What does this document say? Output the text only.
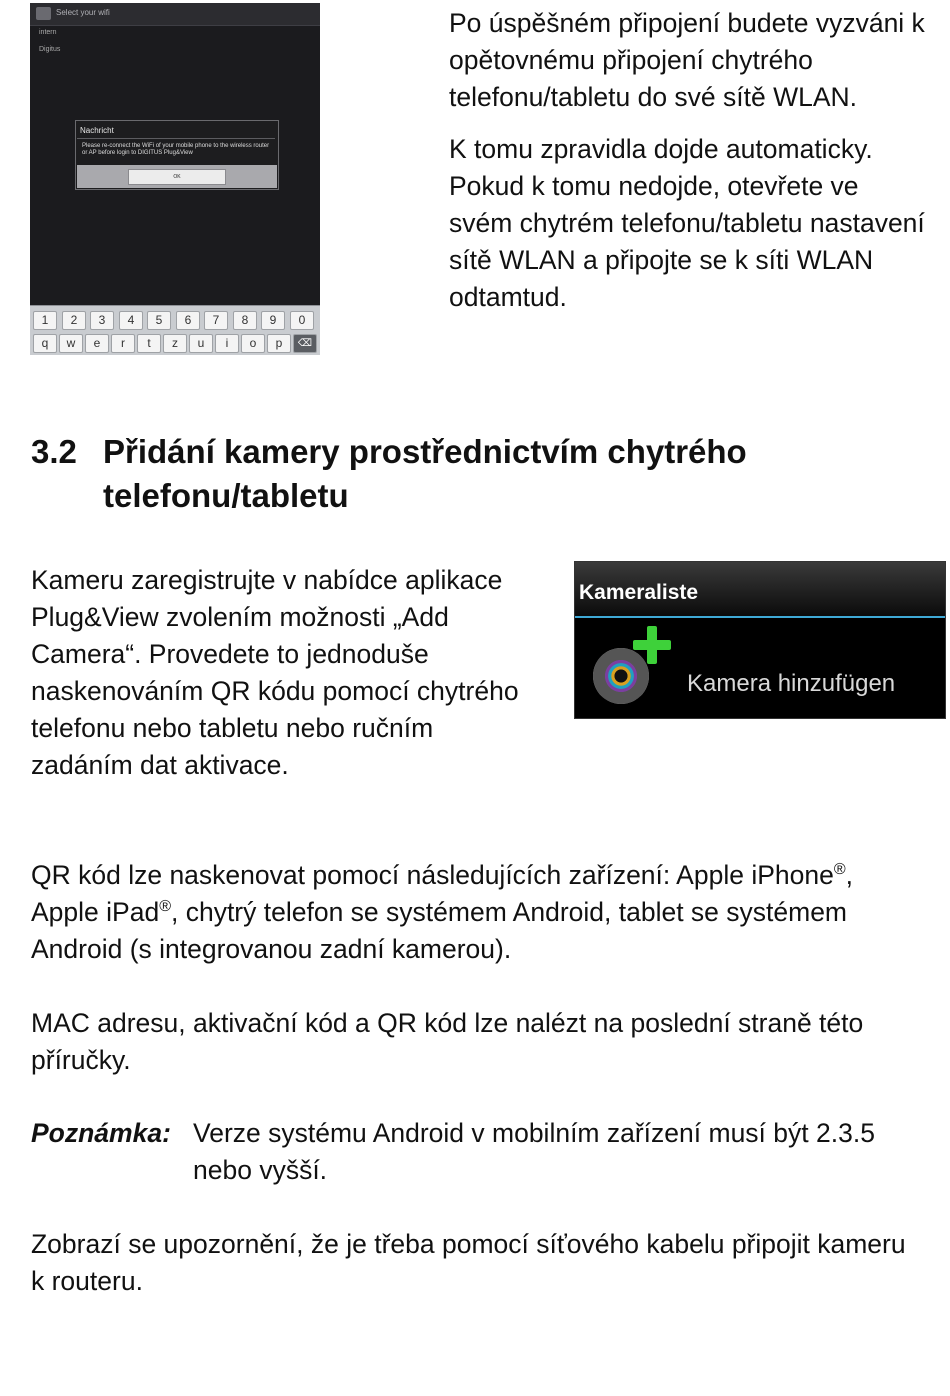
Select your wifi
intern
Digitus
Nachricht
Please re-connect the WiFi of your mobile phone to the wireless router or AP before login to DIGITUS Plug&View
OK
1	2	3	4	5	6	7	8	9	0
q	w	e	r	t	z	u	i	o	p	⌫

Po úspěšném připojení budete vyzváni k opětovnému připojení chytrého telefonu/tabletu do své sítě WLAN.

K tomu zpravidla dojde automaticky. Pokud k tomu nedojde, otevřete ve svém chytrém telefonu/tabletu nastavení sítě WLAN a připojte se k síti WLAN odtamtud.

3.2 Přidání kamery prostřednictvím chytrého telefonu/tabletu
Kameru zaregistrujte v nabídce aplikace Plug&View zvolením možnosti „Add Camera“. Provedete to jednoduše naskenováním QR kódu pomocí chytrého telefonu nebo tabletu nebo ručním zadáním dat aktivace.
Kameraliste
Kamera hinzufügen
QR kód lze naskenovat pomocí následujících zařízení: Apple iPhone®, Apple iPad®, chytrý telefon se systémem Android, tablet se systémem Android (s integrovanou zadní kamerou).
MAC adresu, aktivační kód a QR kód lze nalézt na poslední straně této příručky.
Poznámka: Verze systému Android v mobilním zařízení musí být 2.3.5 nebo vyšší.
Zobrazí se upozornění, že je třeba pomocí síťového kabelu připojit kameru k routeru.
